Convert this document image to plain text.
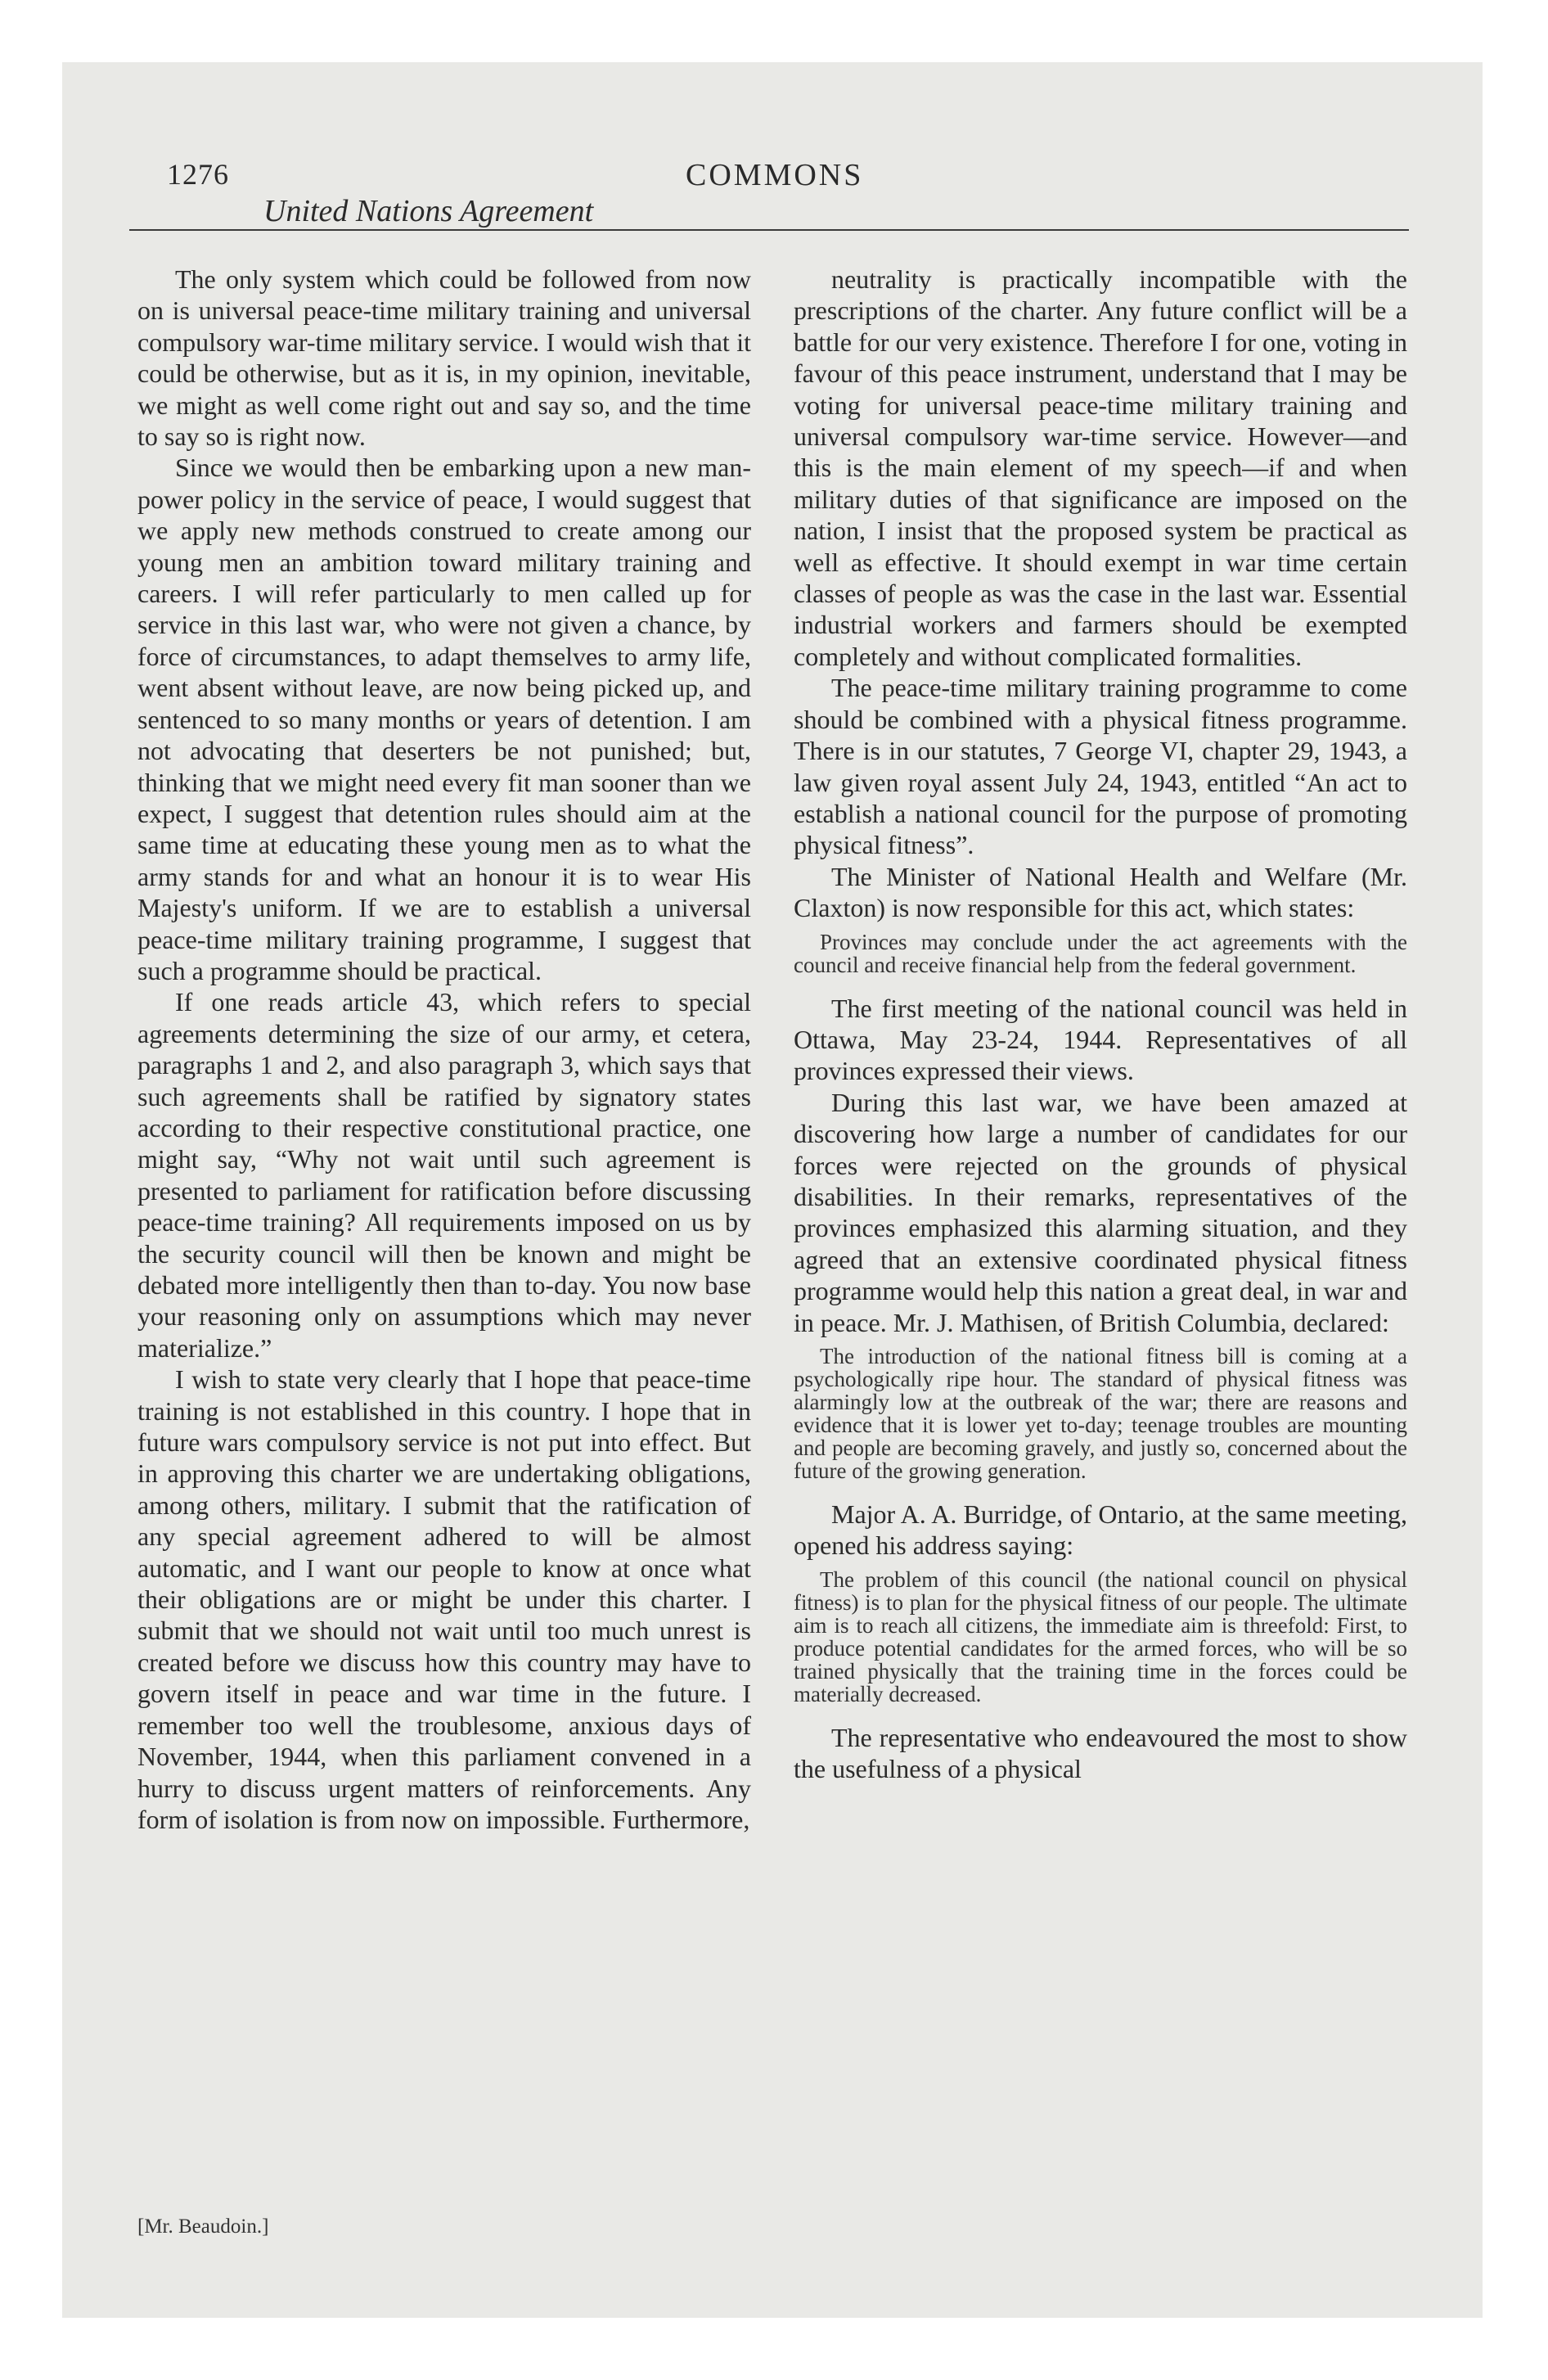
1276	COMMONS
United Nations Agreement

The only system which could be followed from now on is universal peace-time military training and universal compulsory war-time military service. I would wish that it could be otherwise, but as it is, in my opinion, inevitable, we might as well come right out and say so, and the time to say so is right now.

Since we would then be embarking upon a new man-power policy in the service of peace, I would suggest that we apply new methods construed to create among our young men an ambition toward military training and careers. I will refer particularly to men called up for service in this last war, who were not given a chance, by force of circumstances, to adapt themselves to army life, went absent without leave, are now being picked up, and sentenced to so many months or years of detention. I am not advocating that deserters be not punished; but, thinking that we might need every fit man sooner than we expect, I suggest that detention rules should aim at the same time at educating these young men as to what the army stands for and what an honour it is to wear His Majesty's uniform. If we are to establish a universal peace-time military training programme, I suggest that such a programme should be practical.

If one reads article 43, which refers to special agreements determining the size of our army, et cetera, paragraphs 1 and 2, and also paragraph 3, which says that such agreements shall be ratified by signatory states according to their respective constitutional practice, one might say, “Why not wait until such agreement is presented to parliament for ratification before discussing peace-time training? All requirements imposed on us by the security council will then be known and might be debated more intelligently then than to-day. You now base your reasoning only on assumptions which may never materialize.”

I wish to state very clearly that I hope that peace-time training is not established in this country. I hope that in future wars compulsory service is not put into effect. But in approving this charter we are undertaking obligations, among others, military. I submit that the ratification of any special agreement adhered to will be almost automatic, and I want our people to know at once what their obligations are or might be under this charter. I submit that we should not wait until too much unrest is created before we discuss how this country may have to govern itself in peace and war time in the future. I remember too well the troublesome, anxious days of November, 1944, when this parliament convened in a hurry to discuss urgent matters of reinforcements. Any form of isolation is from now on impossible. Furthermore,

neutrality is practically incompatible with the prescriptions of the charter. Any future conflict will be a battle for our very existence. Therefore I for one, voting in favour of this peace instrument, understand that I may be voting for universal peace-time military training and universal compulsory war-time service. However—and this is the main element of my speech—if and when military duties of that significance are imposed on the nation, I insist that the proposed system be practical as well as effective. It should exempt in war time certain classes of people as was the case in the last war. Essential industrial workers and farmers should be exempted completely and without complicated formalities.

The peace-time military training programme to come should be combined with a physical fitness programme. There is in our statutes, 7 George VI, chapter 29, 1943, a law given royal assent July 24, 1943, entitled “An act to establish a national council for the purpose of promoting physical fitness”.

The Minister of National Health and Welfare (Mr. Claxton) is now responsible for this act, which states:

Provinces may conclude under the act agreements with the council and receive financial help from the federal government.

The first meeting of the national council was held in Ottawa, May 23-24, 1944. Representatives of all provinces expressed their views.

During this last war, we have been amazed at discovering how large a number of candidates for our forces were rejected on the grounds of physical disabilities. In their remarks, representatives of the provinces emphasized this alarming situation, and they agreed that an extensive coordinated physical fitness programme would help this nation a great deal, in war and in peace. Mr. J. Mathisen, of British Columbia, declared:

The introduction of the national fitness bill is coming at a psychologically ripe hour. The standard of physical fitness was alarmingly low at the outbreak of the war; there are reasons and evidence that it is lower yet to-day; teenage troubles are mounting and people are becoming gravely, and justly so, concerned about the future of the growing generation.

Major A. A. Burridge, of Ontario, at the same meeting, opened his address saying:

The problem of this council (the national council on physical fitness) is to plan for the physical fitness of our people. The ultimate aim is to reach all citizens, the immediate aim is threefold: First, to produce potential candidates for the armed forces, who will be so trained physically that the training time in the forces could be materially decreased.

The representative who endeavoured the most to show the usefulness of a physical

[Mr. Beaudoin.]
